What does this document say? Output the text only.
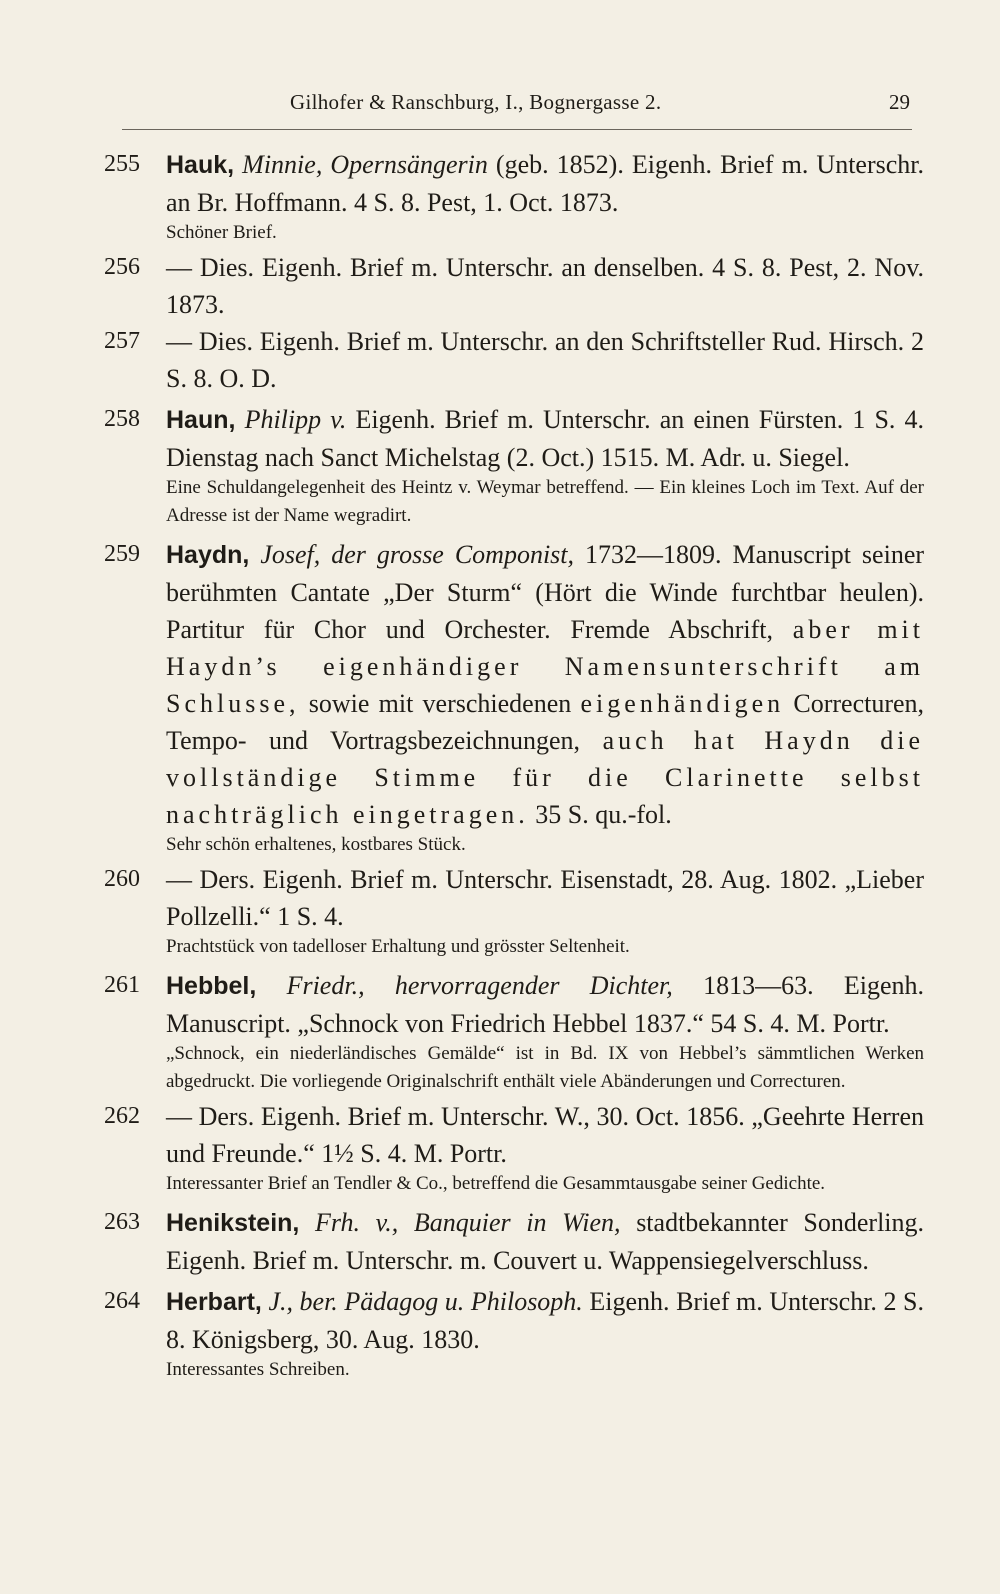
Gilhofer & Ranschburg, I., Bognergasse 2.	29
255	Hauk, Minnie, Opernsängerin (geb. 1852). Eigenh. Brief m. Unterschr. an Br. Hoffmann. 4 S. 8. Pest, 1. Oct. 1873.
Schöner Brief.
256	— Dies. Eigenh. Brief m. Unterschr. an denselben. 4 S. 8. Pest, 2. Nov. 1873.
257	— Dies. Eigenh. Brief m. Unterschr. an den Schriftsteller Rud. Hirsch. 2 S. 8. O. D.
258	Haun, Philipp v. Eigenh. Brief m. Unterschr. an einen Fürsten. 1 S. 4. Dienstag nach Sanct Michelstag (2. Oct.) 1515. M. Adr. u. Siegel.
Eine Schuldangelegenheit des Heintz v. Weymar betreffend. — Ein kleines Loch im Text. Auf der Adresse ist der Name wegradirt.
259	Haydn, Josef, der grosse Componist, 1732—1809. Manuscript seiner berühmten Cantate „Der Sturm“ (Hört die Winde furchtbar heulen). Partitur für Chor und Orchester. Fremde Abschrift, aber mit Haydn’s eigenhändiger Namensunterschrift am Schlusse, sowie mit verschiedenen eigenhändigen Correcturen, Tempo- und Vortragsbezeichnungen, auch hat Haydn die vollständige Stimme für die Clarinette selbst nachträglich eingetragen. 35 S. qu.-fol.
Sehr schön erhaltenes, kostbares Stück.
260	— Ders. Eigenh. Brief m. Unterschr. Eisenstadt, 28. Aug. 1802. „Lieber Pollzelli.“ 1 S. 4.
Prachtstück von tadelloser Erhaltung und grösster Seltenheit.
261	Hebbel, Friedr., hervorragender Dichter, 1813—63. Eigenh. Manuscript. „Schnock von Friedrich Hebbel 1837.“ 54 S. 4. M. Portr.
„Schnock, ein niederländisches Gemälde“ ist in Bd. IX von Hebbel’s sämmtlichen Werken abgedruckt. Die vorliegende Originalschrift enthält viele Abänderungen und Correcturen.
262	— Ders. Eigenh. Brief m. Unterschr. W., 30. Oct. 1856. „Geehrte Herren und Freunde.“ 1½ S. 4. M. Portr.
Interessanter Brief an Tendler & Co., betreffend die Gesammtausgabe seiner Gedichte.
263	Henikstein, Frh. v., Banquier in Wien, stadtbekannter Sonderling. Eigenh. Brief m. Unterschr. m. Couvert u. Wappensiegelverschluss.
264	Herbart, J., ber. Pädagog u. Philosoph. Eigenh. Brief m. Unterschr. 2 S. 8. Königsberg, 30. Aug. 1830.
Interessantes Schreiben.
